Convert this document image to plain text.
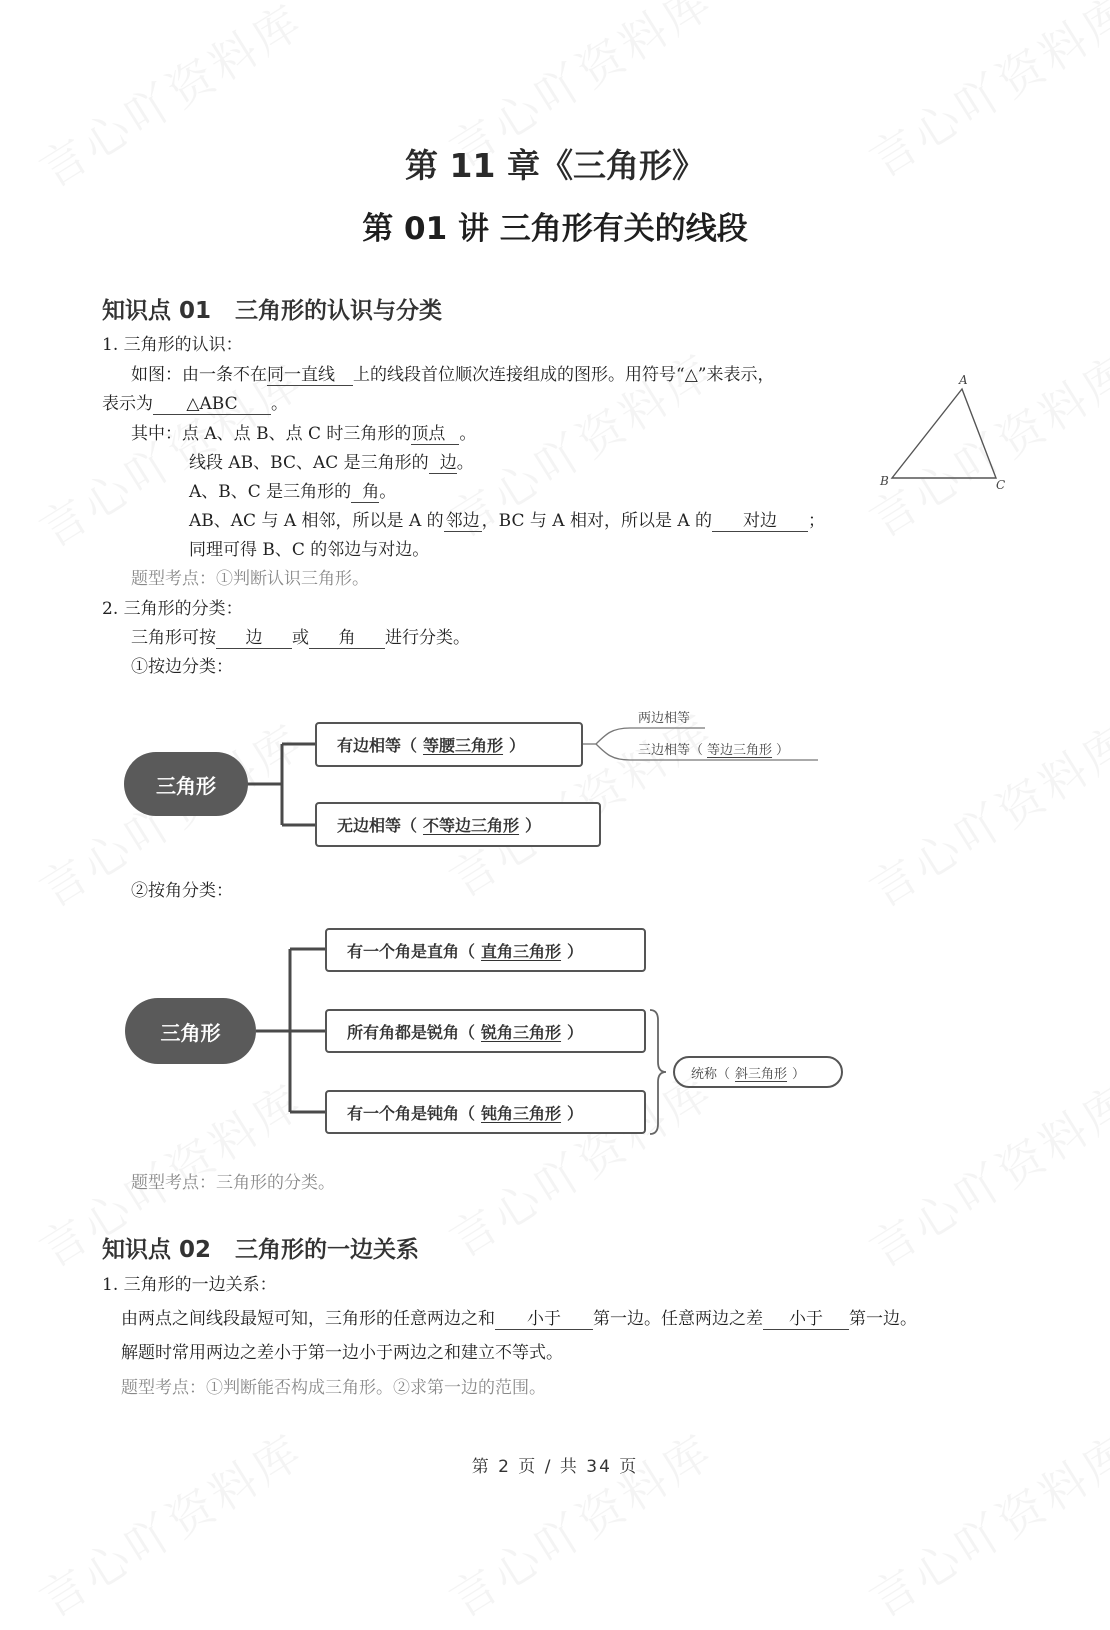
第 11 章《三角形》
第 01 讲 三角形有关的线段
知识点 01 三角形的认识与分类
1. 三角形的认识：
如图：由一条不在同一直线 上的线段首位顺次连接组成的图形。用符号“△”来表示，
表示为 △ABC 。
其中：点 A、点 B、点 C 时三角形的顶点 。
线段 AB、BC、AC 是三角形的 边。
A、B、C 是三角形的 角。
AB、AC 与 A 相邻，所以是 A 的 邻边 ，BC 与 A 相对，所以是 A 的 对边 ；
同理可得 B、C 的邻边与对边。
题型考点：①判断认识三角形。
A
B	C
2. 三角形的分类：
三角形可按 边 或 角 进行分类。
①按边分类：
三角形
有边相等（ 等腰三角形 ）
无边相等（ 不等边三角形 ）
两边相等
三边相等（ 等边三角形 ）
②按角分类：
三角形
有一个角是直角（ 直角三角形 ）
所有角都是锐角（ 锐角三角形 ）
有一个角是钝角（ 钝角三角形 ）
统称（ 斜三角形 ）
题型考点：三角形的分类。
知识点 02 三角形的一边关系
1. 三角形的一边关系：
由两点之间线段最短可知，三角形的任意两边之和 小于 第一边。任意两边之差 小于 第一边。
解题时常用两边之差小于第一边小于两边之和建立不等式。
题型考点：①判断能否构成三角形。②求第一边的范围。
第 2 页 / 共 34 页
